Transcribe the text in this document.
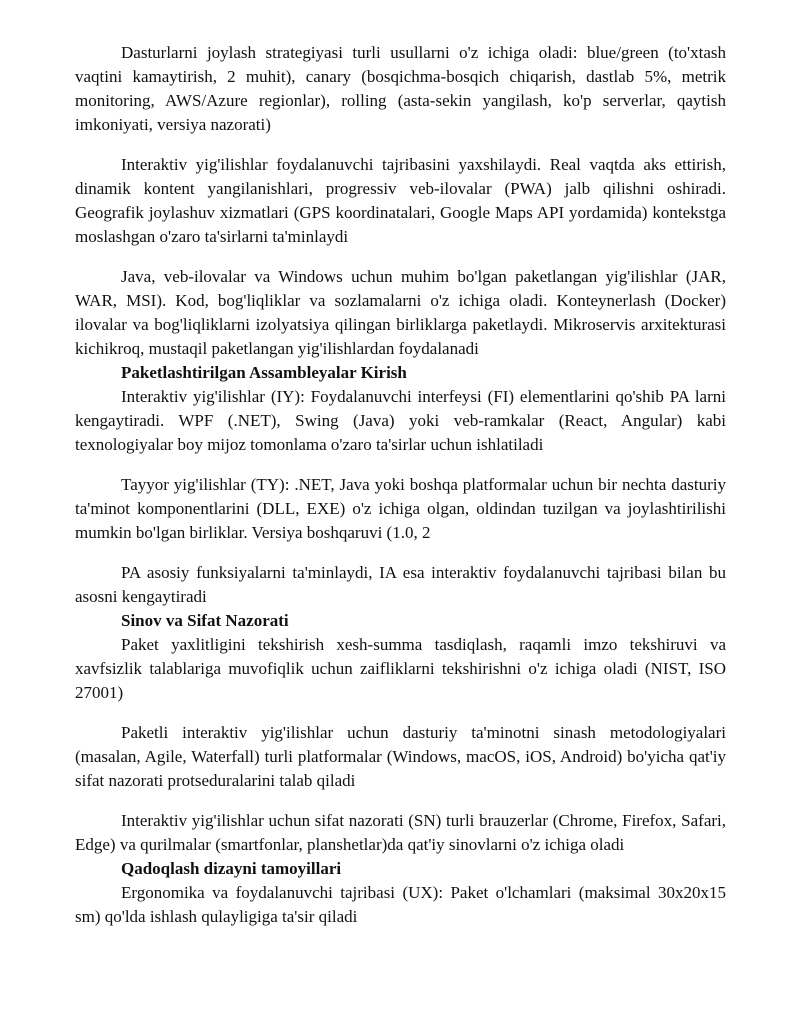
Dasturlarni joylash strategiyasi turli usullarni o'z ichiga oladi: blue/green (to'xtash vaqtini kamaytirish, 2 muhit), canary (bosqichma-bosqich chiqarish, dastlab 5%, metrik monitoring, AWS/Azure regionlar), rolling (asta-sekin yangilash, ko'p serverlar, qaytish imkoniyati, versiya nazorati)

Interaktiv yig'ilishlar foydalanuvchi tajribasini yaxshilaydi. Real vaqtda aks ettirish, dinamik kontent yangilanishlari, progressiv veb-ilovalar (PWA) jalb qilishni oshiradi. Geografik joylashuv xizmatlari (GPS koordinatalari, Google Maps API yordamida) kontekstga moslashgan o'zaro ta'sirlarni ta'minlaydi

Java, veb-ilovalar va Windows uchun muhim bo'lgan paketlangan yig'ilishlar (JAR, WAR, MSI). Kod, bog'liqliklar va sozlamalarni o'z ichiga oladi. Konteynerlash (Docker) ilovalar va bog'liqliklarni izolyatsiya qilingan birliklarga paketlaydi. Mikroservis arxitekturasi kichikroq, mustaqil paketlangan yig'ilishlardan foydalanadi

Paketlashtirilgan Assambleyalar Kirish

Interaktiv yig'ilishlar (IY): Foydalanuvchi interfeysi (FI) elementlarini qo'shib PA larni kengaytiradi. WPF (.NET), Swing (Java) yoki veb-ramkalar (React, Angular) kabi texnologiyalar boy mijoz tomonlama o'zaro ta'sirlar uchun ishlatiladi

Tayyor yig'ilishlar (TY): .NET, Java yoki boshqa platformalar uchun bir nechta dasturiy ta'minot komponentlarini (DLL, EXE) o'z ichiga olgan, oldindan tuzilgan va joylashtirilishi mumkin bo'lgan birliklar. Versiya boshqaruvi (1.0, 2

PA asosiy funksiyalarni ta'minlaydi, IA esa interaktiv foydalanuvchi tajribasi bilan bu asosni kengaytiradi

Sinov va Sifat Nazorati

Paket yaxlitligini tekshirish xesh-summa tasdiqlash, raqamli imzo tekshiruvi va xavfsizlik talablariga muvofiqlik uchun zaifliklarni tekshirishni o'z ichiga oladi (NIST, ISO 27001)

Paketli interaktiv yig'ilishlar uchun dasturiy ta'minotni sinash metodologiyalari (masalan, Agile, Waterfall) turli platformalar (Windows, macOS, iOS, Android) bo'yicha qat'iy sifat nazorati protseduralarini talab qiladi

Interaktiv yig'ilishlar uchun sifat nazorati (SN) turli brauzerlar (Chrome, Firefox, Safari, Edge) va qurilmalar (smartfonlar, planshetlar)da qat'iy sinovlarni o'z ichiga oladi

Qadoqlash dizayni tamoyillari

Ergonomika va foydalanuvchi tajribasi (UX): Paket o'lchamlari (maksimal 30x20x15 sm) qo'lda ishlash qulayligiga ta'sir qiladi
